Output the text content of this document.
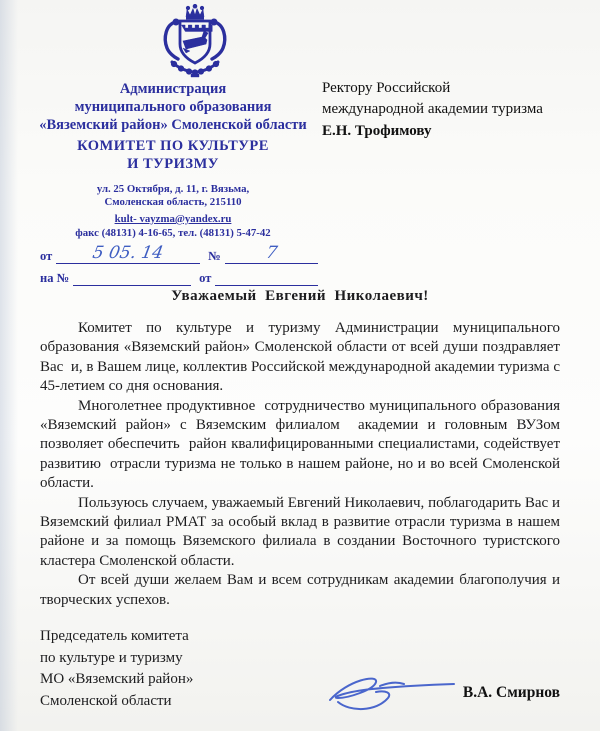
Администрация
муниципального образования
«Вяземский район» Смоленской области
КОМИТЕТ ПО КУЛЬТУРЕ
И ТУРИЗМУ
ул. 25 Октября, д. 11, г. Вязьма,
Смоленская область, 215110
kult- vayzma@yandex.ru
факс (48131) 4-16-65, тел. (48131) 5-47-42
от	5 05. 14	№	7
на №	от
Ректору Российской
международной академии туризма
Е.Н. Трофимову
Уважаемый  Евгений  Николаевич!

Комитет по культуре и туризму Администрации муниципального образования «Вяземский район» Смоленской области от всей души поздравляет Вас  и, в Вашем лице, коллектив Российской международной академии туризма с  45-летием со дня основания.

Многолетнее продуктивное  сотрудничество муниципального образования «Вяземский район» с Вяземским филиалом  академии и головным ВУЗом позволяет обеспечить  район квалифицированными специалистами, содействует развитию  отрасли туризма не только в нашем районе, но и во всей Смоленской области.

Пользуюсь случаем, уважаемый Евгений Николаевич, поблагодарить Вас и Вяземский филиал РМАТ за особый вклад в развитие отрасли туризма в нашем районе и за помощь Вяземского филиала в создании Восточного туристского кластера Смоленской области.

От всей души желаем Вам и всем сотрудникам академии благополучия и творческих успехов.

Председатель комитета
по культуре и туризму
МО «Вяземский район»
Смоленской области	В.А. Смирнов
